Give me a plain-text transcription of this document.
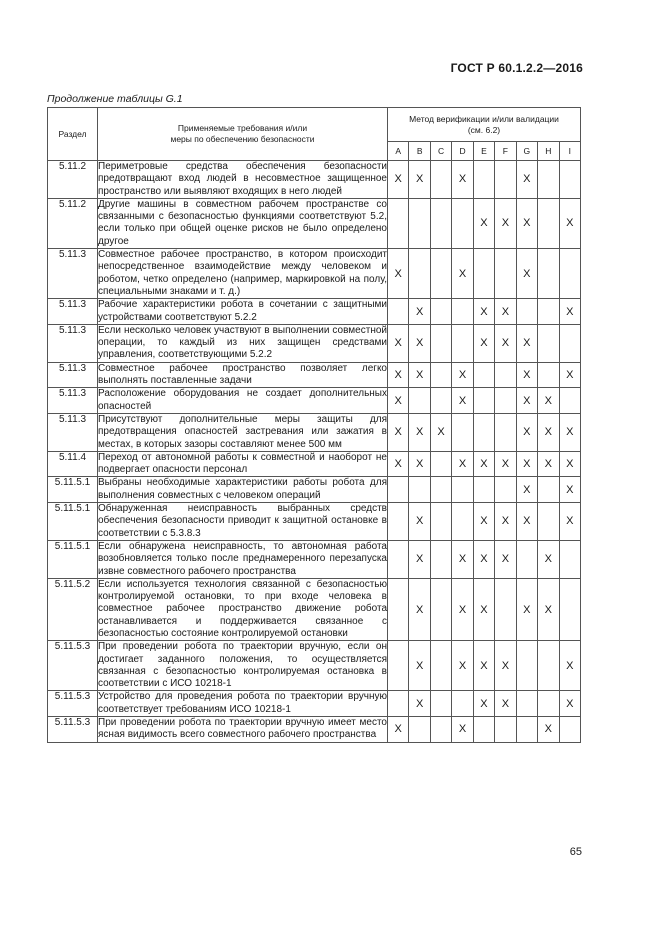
ГОСТ Р 60.1.2.2—2016
Продолжение таблицы G.1
Раздел	Применяемые требования и/или меры по обеспечению безопасности	Метод верификации и/или валидации (см. 6.2)								
		A	B	C	D	E	F	G	H	I
5.11.2	Периметровые средства обеспечения безопасности предотвращают вход людей в несовместное защищенное пространство или выявляют входящих в него людей	X	X		X			X		
5.11.2	Другие машины в совместном рабочем пространстве со связанными с безопасностью функциями соответствуют 5.2, если только при общей оценке рисков не было определено другое					X	X	X		X
5.11.3	Совместное рабочее пространство, в котором происходит непосредственное взаимодействие между человеком и роботом, четко определено (например, маркировкой на полу, специальными знаками и т. д.)	X			X			X		
5.11.3	Рабочие характеристики робота в сочетании с защитными устройствами соответствуют 5.2.2		X			X	X			X
5.11.3	Если несколько человек участвуют в выполнении совместной операции, то каждый из них защищен средствами управления, соответствующими 5.2.2	X	X			X	X	X		
5.11.3	Совместное рабочее пространство позволяет легко выполнять поставленные задачи	X	X		X			X		X
5.11.3	Расположение оборудования не создает дополнительных опасностей	X			X			X	X	
5.11.3	Присутствуют дополнительные меры защиты для предотвращения опасностей застревания или зажатия в местах, в которых зазоры составляют менее 500 мм	X	X	X				X	X	X
5.11.4	Переход от автономной работы к совместной и наоборот не подвергает опасности персонал	X	X		X	X	X	X	X	X
5.11.5.1	Выбраны необходимые характеристики работы робота для выполнения совместных с человеком операций							X		X
5.11.5.1	Обнаруженная неисправность выбранных средств обеспечения безопасности приводит к защитной остановке в соответствии с 5.3.8.3		X			X	X	X		X
5.11.5.1	Если обнаружена неисправность, то автономная работа возобновляется только после преднамеренного перезапуска извне совместного рабочего пространства		X		X	X	X		X	
5.11.5.2	Если используется технология связанной с безопасностью контролируемой остановки, то при входе человека в совместное рабочее пространство движение робота останавливается и поддерживается связанное с безопасностью состояние контролируемой остановки		X		X	X		X	X	
5.11.5.3	При проведении робота по траектории вручную, если он достигает заданного положения, то осуществляется связанная с безопасностью контролируемая остановка в соответствии с ИСО 10218-1		X		X	X	X			X
5.11.5.3	Устройство для проведения робота по траектории вручную соответствует требованиям ИСО 10218-1		X			X	X			X
5.11.5.3	При проведении робота по траектории вручную имеет место ясная видимость всего совместного рабочего пространства	X			X				X	
65
